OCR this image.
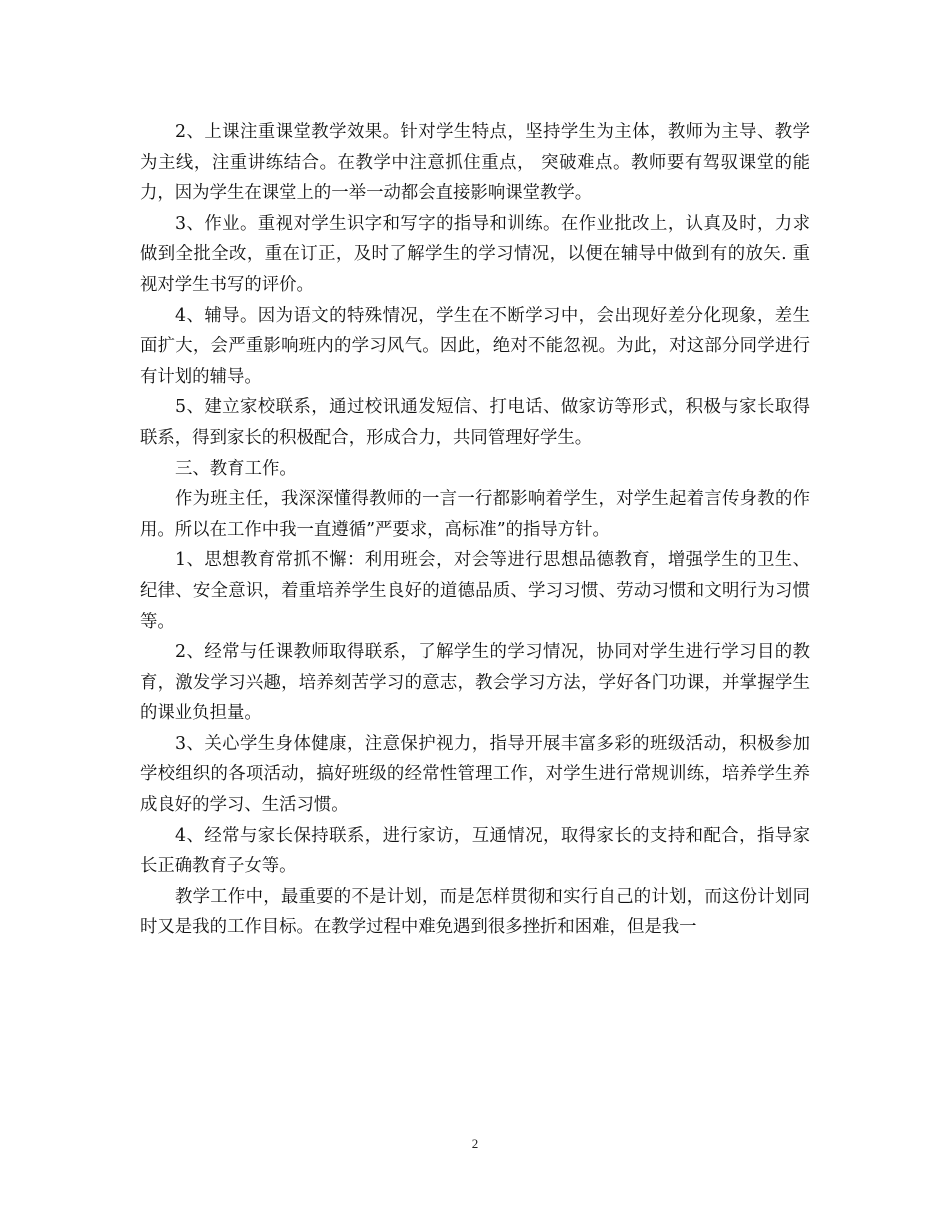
2、上课注重课堂教学效果。针对学生特点，坚持学生为主体，教师为主导、教学为主线，注重讲练结合。在教学中注意抓住重点， 突破难点。教师要有驾驭课堂的能力，因为学生在课堂上的一举一动都会直接影响课堂教学。

3、作业。重视对学生识字和写字的指导和训练。在作业批改上，认真及时，力求做到全批全改，重在订正，及时了解学生的学习情况，以便在辅导中做到有的放矢. 重视对学生书写的评价。

4、辅导。因为语文的特殊情况，学生在不断学习中，会出现好差分化现象，差生面扩大，会严重影响班内的学习风气。因此，绝对不能忽视。为此，对这部分同学进行有计划的辅导。

5、建立家校联系，通过校讯通发短信、打电话、做家访等形式，积极与家长取得联系，得到家长的积极配合，形成合力，共同管理好学生。

三、教育工作。

作为班主任，我深深懂得教师的一言一行都影响着学生，对学生起着言传身教的作用。所以在工作中我一直遵循”严要求，高标准”的指导方针。

1、思想教育常抓不懈：利用班会，对会等进行思想品德教育，增强学生的卫生、纪律、安全意识，着重培养学生良好的道德品质、学习习惯、劳动习惯和文明行为习惯等。

2、经常与任课教师取得联系，了解学生的学习情况，协同对学生进行学习目的教育，激发学习兴趣，培养刻苦学习的意志，教会学习方法，学好各门功课，并掌握学生的课业负担量。

3、关心学生身体健康，注意保护视力，指导开展丰富多彩的班级活动，积极参加学校组织的各项活动，搞好班级的经常性管理工作，对学生进行常规训练，培养学生养成良好的学习、生活习惯。

4、经常与家长保持联系，进行家访，互通情况，取得家长的支持和配合，指导家长正确教育子女等。

教学工作中，最重要的不是计划，而是怎样贯彻和实行自己的计划，而这份计划同时又是我的工作目标。在教学过程中难免遇到很多挫折和困难，但是我一

2
